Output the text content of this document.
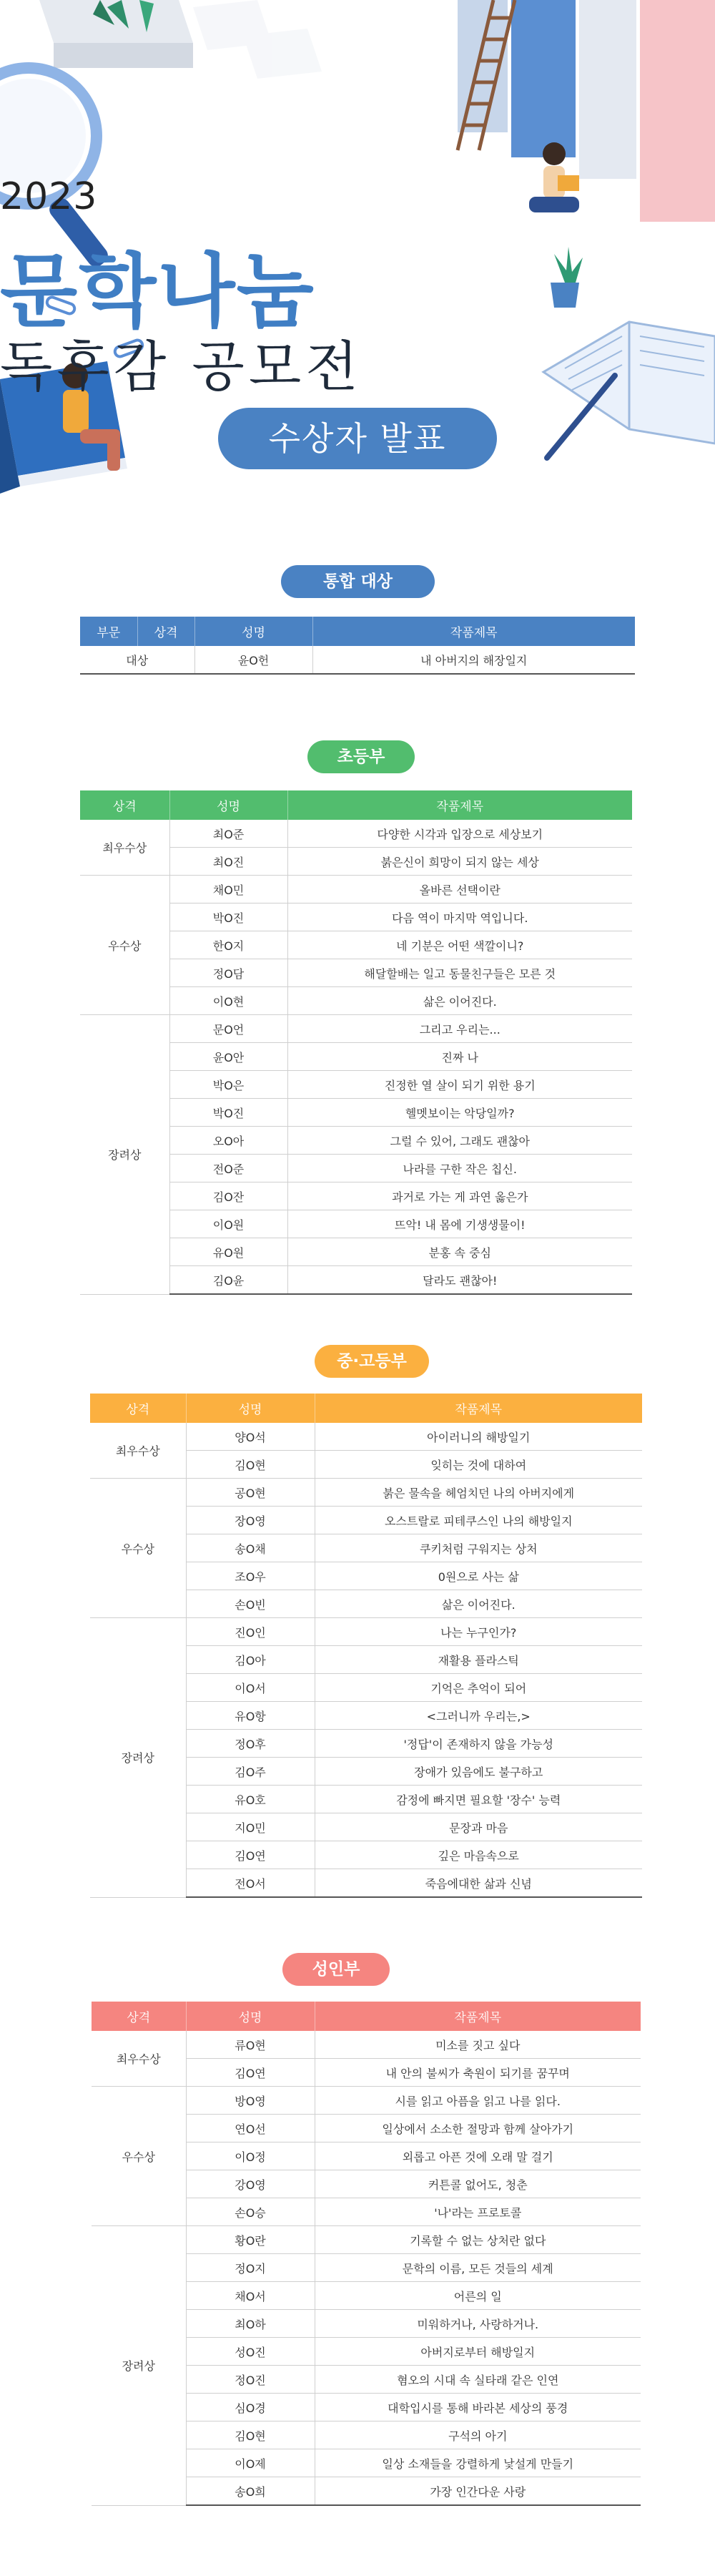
2023
문학나눔
독후감 공모전
수상자 발표
통합 대상
부문	상격	성명	작품제목
대상		윤O헌	내 아버지의 해장일지
초등부
상격	성명	작품제목
최우수상	최O준	다양한 시각과 입장으로 세상보기
	최O진	붉은신이 희망이 되지 않는 세상
우수상	채O민	올바른 선택이란
	박O진	다음 역이 마지막 역입니다.
	한O지	네 기분은 어떤 색깔이니?
	정O담	해달할배는 일고 동물친구들은 모른 것
	이O현	삶은 이어진다.
장려상	문O언	그리고 우리는...
	윤O안	진짜 나
	박O은	진정한 열 살이 되기 위한 용기
	박O진	헬멧보이는 악당일까?
	오O아	그럴 수 있어, 그래도 괜찮아
	전O준	나라를 구한 작은 칩신.
	김O잔	과거로 가는 게 과연 옳은가
	이O원	뜨악! 내 몸에 기생생물이!
	유O원	분홍 속 중심
	김O윤	달라도 괜찮아!
중·고등부
상격	성명	작품제목
최우수상	양O석	아이러니의 해방일기
	김O현	잊히는 것에 대하여
우수상	공O현	붉은 물속을 헤엄치던 나의 아버지에게
	장O영	오스트랄로 피테쿠스인 나의 해방일지
	송O채	쿠키처럼 구워지는 상처
	조O우	0원으로 사는 삶
	손O빈	삶은 이어진다.
장려상	진O인	나는 누구인가?
	김O아	재활용 플라스틱
	이O서	기억은 추억이 되어
	유O항	<그러니까 우리는,>
	정O후	'정답'이 존재하지 않을 가능성
	김O주	장애가 있음에도 불구하고
	유O호	감정에 빠지면 필요할 '장수' 능력
	지O민	문장과 마음
	김O연	깊은 마음속으로
	전O서	죽음에대한 삶과 신념
성인부
상격	성명	작품제목
최우수상	류O현	미소를 짓고 싶다
	김O연	내 안의 불씨가 축원이 되기를 꿈꾸며
우수상	방O영	시를 읽고 아픔을 읽고 나를 읽다.
	연O선	일상에서 소소한 절망과 함께 살아가기
	이O정	외롭고 아픈 것에 오래 말 걸기
	강O영	커튼콜 없어도, 청춘
	손O승	'나'라는 프로토콜
장려상	황O란	기록할 수 없는 상처란 없다
	정O지	문학의 이름, 모든 것들의 세계
	채O서	어른의 일
	최O하	미워하거나, 사랑하거나.
	성O진	아버지로부터 해방일지
	정O진	혐오의 시대 속 실타래 같은 인연
	심O경	대학입시를 통해 바라본 세상의 풍경
	김O현	구석의 아기
	이O제	일상 소재들을 강렬하게 낯설게 만들기
	송O희	가장 인간다운 사랑
